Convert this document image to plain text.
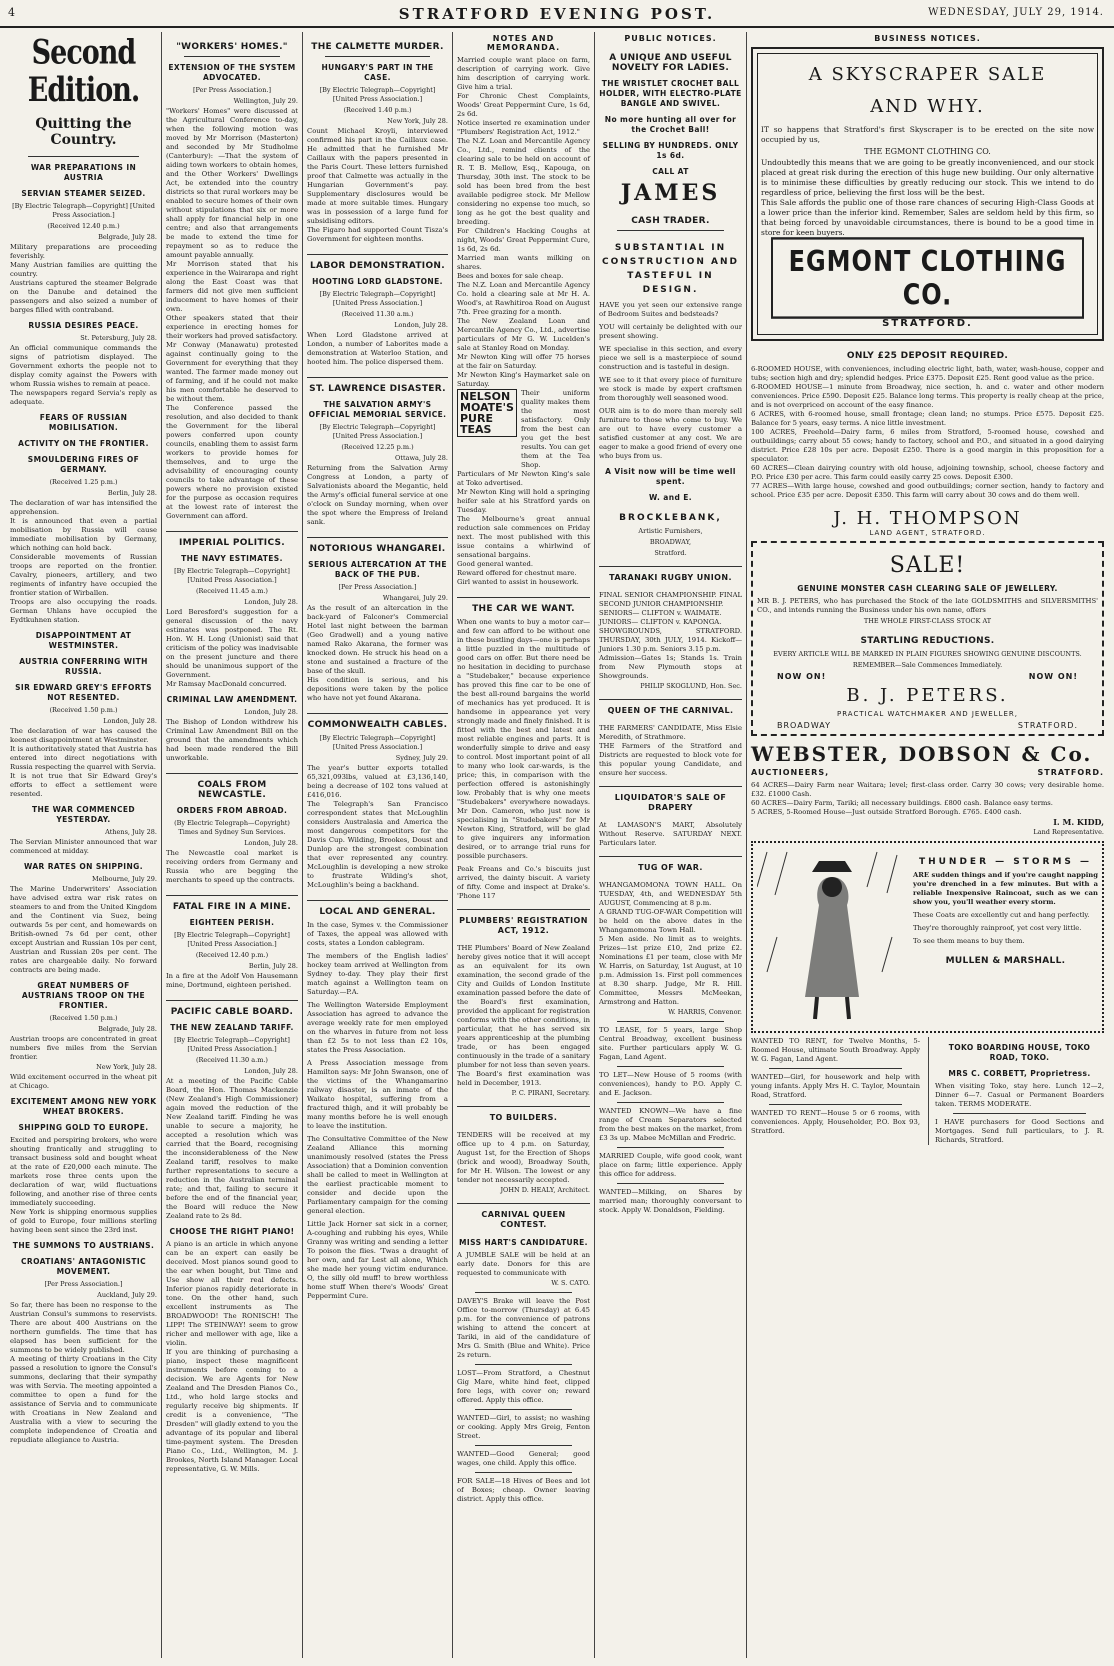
4	STRATFORD EVENING POST.	WEDNESDAY, JULY 29, 1914.
Second Edition.
Quitting the Country.
WAR PREPARATIONS IN AUSTRIA
SERVIAN STEAMER SEIZED.
[By Electric Telegraph—Copyright] [United Press Association.]
(Received 12.40 p.m.)
Belgrade, July 28.

Military preparations are proceeding feverishly.

Many Austrian families are quitting the country.

Austrians captured the steamer Belgrade on the Danube and detained the passengers and also seized a number of barges filled with contraband.

RUSSIA DESIRES PEACE.
St. Petersburg, July 28.

An official communique commands the signs of patriotism displayed. The Government exhorts the people not to display comity against the Powers with whom Russia wishes to remain at peace.

The newspapers regard Servia's reply as adequate.

FEARS OF RUSSIAN MOBILISATION.
ACTIVITY ON THE FRONTIER.
SMOULDERING FIRES OF GERMANY.
(Received 1.25 p.m.)
Berlin, July 28.

The declaration of war has intensified the apprehension.

It is announced that even a partial mobilisation by Russia will cause immediate mobilisation by Germany, which nothing can hold back.

Considerable movements of Russian troops are reported on the frontier. Cavalry, pioneers, artillery, and two regiments of infantry have occupied the frontier station of Wirballen.

Troops are also occupying the roads. German Uhlans have occupied the Eydtkuhnen station.

DISAPPOINTMENT AT WESTMINSTER.
AUSTRIA CONFERRING WITH RUSSIA.
SIR EDWARD GREY'S EFFORTS NOT RESENTED.
(Received 1.50 p.m.)
London, July 28.

The declaration of war has caused the keenest disappointment at Westminster.

It is authoritatively stated that Austria has entered into direct negotiations with Russia respecting the quarrel with Servia.

It is not true that Sir Edward Grey's efforts to effect a settlement were resented.

THE WAR COMMENCED YESTERDAY.
Athens, July 28.

The Servian Minister announced that war commenced at midday.

WAR RATES ON SHIPPING.
Melbourne, July 29.

The Marine Underwriters' Association have advised extra war risk rates on steamers to and from the United Kingdom and the Continent via Suez, being outwards 5s per cent, and homewards on British-owned 7s 6d per cent, other except Austrian and Russian 10s per cent, Austrian and Russian 20s per cent. The rates are chargeable daily. No forward contracts are being made.

GREAT NUMBERS OF AUSTRIANS TROOP ON THE FRONTIER.
(Received 1.50 p.m.)
Belgrade, July 28.

Austrian troops are concentrated in great numbers five miles from the Servian frontier.

New York, July 28.

Wild excitement occurred in the wheat pit at Chicago.

EXCITEMENT AMONG NEW YORK WHEAT BROKERS.
SHIPPING GOLD TO EUROPE.

Excited and perspiring brokers, who were shouting frantically and struggling to transact business sold and bought wheat at the rate of £20,000 each minute. The markets rose three cents upon the declaration of war, wild fluctuations following, and another rise of three cents immediately succeeding.

New York is shipping enormous supplies of gold to Europe, four millions sterling having been sent since the 23rd inst.

THE SUMMONS TO AUSTRIANS.
CROATIANS' ANTAGONISTIC MOVEMENT.
[Per Press Association.]
Auckland, July 29.

So far, there has been no response to the Austrian Consul's summons to reservists. There are about 400 Austrians on the northern gumfields. The time that has elapsed has been sufficient for the summons to be widely published.

A meeting of thirty Croatians in the City passed a resolution to ignore the Consul's summons, declaring that their sympathy was with Servia. The meeting appointed a committee to open a fund for the assistance of Servia and to communicate with Croatians in New Zealand and Australia with a view to securing the complete independence of Croatia and repudiate allegiance to Austria.

"WORKERS' HOMES."
EXTENSION OF THE SYSTEM ADVOCATED.
[Per Press Association.]
Wellington, July 29.

"Workers' Homes" were discussed at the Agricultural Conference to-day, when the following motion was moved by Mr Morrison (Masterton) and seconded by Mr Studholme (Canterbury): —That the system of aiding town workers to obtain homes, and the Other Workers' Dwellings Act, be extended into the country districts so that rural workers may be enabled to secure homes of their own without stipulations that six or more shall apply for financial help in one centre; and also that arrangements be made to extend the time for repayment so as to reduce the amount payable annually.

Mr Morrison stated that his experience in the Wairarapa and right along the East Coast was that farmers did not give men sufficient inducement to have homes of their own.

Other speakers stated that their experience in erecting homes for their workers had proved satisfactory.

Mr Conway (Manawatu) protested against continually going to the Government for everything that they wanted. The farmer made money out of farming, and if he could not make his men comfortable he deserved to be without them.

The Conference passed the resolution, and also decided to thank the Government for the liberal powers conferred upon county councils, enabling them to assist farm workers to provide homes for themselves, and to urge the advisability of encouraging county councils to take advantage of these powers where no provision existed for the purpose as occasion requires at the lowest rate of interest the Government can afford.

IMPERIAL POLITICS.
THE NAVY ESTIMATES.
[By Electric Telegraph—Copyright] [United Press Association.]
(Received 11.45 a.m.)
London, July 28.

Lord Beresford's suggestion for a general discussion of the navy estimates was postponed. The Rt. Hon. W. H. Long (Unionist) said that criticism of the policy was inadvisable on the present juncture and there should be unanimous support of the Government.

Mr Ramsay MacDonald concurred.

CRIMINAL LAW AMENDMENT.
London, July 28.

The Bishop of London withdrew his Criminal Law Amendment Bill on the ground that the amendments which had been made rendered the Bill unworkable.

COALS FROM NEWCASTLE.
ORDERS FROM ABROAD.
(By Electric Telegraph—Copyright) Times and Sydney Sun Services.
London, July 28.

The Newcastle coal market is receiving orders from Germany and Russia who are begging the merchants to speed up the contracts.

FATAL FIRE IN A MINE.
EIGHTEEN PERISH.
[By Electric Telegraph—Copyright] [United Press Association.]
(Received 12.40 p.m.)
Berlin, July 28.

In a fire at the Adolf Von Hausemann mine, Dortmund, eighteen perished.

PACIFIC CABLE BOARD.
THE NEW ZEALAND TARIFF.
[By Electric Telegraph—Copyright] [United Press Association.]
(Received 11.30 a.m.)
London, July 28.

At a meeting of the Pacific Cable Board, the Hon. Thomas Mackenzie (New Zealand's High Commissioner) again moved the reduction of the New Zealand tariff. Finding he was unable to secure a majority, he accepted a resolution which was carried that the Board, recognising the inconsiderableness of the New Zealand tariff, resolves to make further representations to secure a reduction in the Australian terminal rate; and that, failing to secure it before the end of the financial year, the Board will reduce the New Zealand rate to 2s 8d.

CHOOSE THE RIGHT PIANO!

A piano is an article in which anyone can be an expert can easily be deceived. Most pianos sound good to the ear when bought, but Time and Use show all their real defects. Inferior pianos rapidly deteriorate in tone. On the other hand, such excellent instruments as The BROADWOOD! The RONISCH! The LIPP! The STEINWAY! seem to grow richer and mellower with age, like a violin.

If you are thinking of purchasing a piano, inspect these magnificent instruments before coming to a decision. We are Agents for New Zealand and The Dresden Pianos Co., Ltd., who hold large stocks and regularly receive big shipments. If credit is a convenience, "The Dresden" will gladly extend to you the advantage of its popular and liberal time-payment system. The Dresden Piano Co., Ltd., Wellington, M. J. Brookes, North Island Manager. Local representative, G. W. Mills.

THE CALMETTE MURDER.
HUNGARY'S PART IN THE CASE.
[By Electric Telegraph—Copyright] [United Press Association.]
(Received 1.40 p.m.)
New York, July 28.

Count Michael Kroyli, interviewed confirmed his part in the Caillaux case. He admitted that he furnished Mr Caillaux with the papers presented in the Paris Court. These letters furnished proof that Calmette was actually in the Hungarian Government's pay. Supplementary disclosures would be made at more suitable times. Hungary was in possession of a large fund for subsidising editors.

The Figaro had supported Count Tisza's Government for eighteen months.

LABOR DEMONSTRATION.
HOOTING LORD GLADSTONE.
[By Electric Telegraph—Copyright] [United Press Association.]
(Received 11.30 a.m.)
London, July 28.

When Lord Gladstone arrived at London, a number of Laborites made a demonstration at Waterloo Station, and hooted him. The police dispersed them.

ST. LAWRENCE DISASTER.
THE SALVATION ARMY'S OFFICIAL MEMORIAL SERVICE.
[By Electric Telegraph—Copyright] [United Press Association.]
(Received 12.25 p.m.)
Ottawa, July 28.

Returning from the Salvation Army Congress at London, a party of Salvationists aboard the Megantic, held the Army's official funeral service at one o'clock on Sunday morning, when over the spot where the Empress of Ireland sank.

NOTORIOUS WHANGAREI.
SERIOUS ALTERCATION AT THE BACK OF THE PUB.
[Per Press Association.]
Whangarei, July 29.

As the result of an altercation in the back-yard of Falconer's Commercial Hotel last night between the barman (Geo Gradwell) and a young native named Rako Akarana, the former was knocked down. He struck his head on a stone and sustained a fracture of the base of the skull.

His condition is serious, and his depositions were taken by the police who have not yet found Akarana.

COMMONWEALTH CABLES.
[By Electric Telegraph—Copyright] [United Press Association.]
Sydney, July 29.

The year's butter exports totalled 65,321,093lbs, valued at £3,136,140, being a decrease of 102 tons valued at £416,016.

The Telegraph's San Francisco correspondent states that McLoughlin considers Australasia and America the most dangerous competitors for the Davis Cup. Wilding, Brookes, Doust and Dunlop are the strongest combination that ever represented any country. McLoughlin is developing a new stroke to frustrate Wilding's shot, McLoughlin's being a backhand.

LOCAL AND GENERAL.

In the case, Symes v. the Commissioner of Taxes, the appeal was allowed with costs, states a London cablegram.

The members of the English ladies' hockey team arrived at Wellington from Sydney to-day. They play their first match against a Wellington team on Saturday.—P.A.

The Wellington Waterside Employment Association has agreed to advance the average weekly rate for men employed on the wharves in future from not less than £2 5s to not less than £2 10s, states the Press Association.

A Press Association message from Hamilton says: Mr John Swanson, one of the victims of the Whangamarino railway disaster, is an inmate of the Waikato hospital, suffering from a fractured thigh, and it will probably be many months before he is well enough to leave the institution.

The Consultative Committee of the New Zealand Alliance this morning unanimously resolved (states the Press Association) that a Dominion convention shall be called to meet in Wellington at the earliest practicable moment to consider and decide upon the Parliamentary campaign for the coming general election.

Little Jack Horner sat sick in a corner, A-coughing and rubbing his eyes, While Granny was writing and sending a letter To poison the flies. 'Twas a draught of her own, and far Lest all alone, Which she made her young victim endurance. O, the silly old muff! to brew worthless home stuff When there's Woods' Great Peppermint Cure.

NOTES AND MEMORANDA.

Married couple want place on farm, description of carrying work. Give him description of carrying work. Give him a trial.

For Chronic Chest Complaints, Woods' Great Peppermint Cure, 1s 6d, 2s 6d.

Notice inserted re examination under "Plumbers' Registration Act, 1912."

The N.Z. Loan and Mercantile Agency Co., Ltd., remind clients of the clearing sale to be held on account of R. T. B. Mellow, Esq., Kapouga, on Thursday, 30th inst. The stock to be sold has been bred from the best available pedigree stock. Mr Mellow considering no expense too much, so long as he got the best quality and breeding.

For Children's Hacking Coughs at night, Woods' Great Peppermint Cure, 1s 6d, 2s 6d.

Married man wants milking on shares.

Bees and boxes for sale cheap.

The N.Z. Loan and Mercantile Agency Co. hold a clearing sale at Mr H. A. Wood's, at Rawhitiroa Road on August 7th. Free grazing for a month.

The New Zealand Loan and Mercantile Agency Co., Ltd., advertise particulars of Mr G. W. Lucelden's sale at Stanley Road on Monday.

Mr Newton King will offer 75 horses at the fair on Saturday.

Mr Newton King's Haymarket sale on Saturday.

NELSON MOATE'S PURE TEAS

Their uniform quality makes them the most satisfactory. Only from the best can you get the best results. You can get them at the Tea Shop.

Particulars of Mr Newton King's sale at Toko advertised.

Mr Newton King will hold a springing heifer sale at his Stratford yards on Tuesday.

The Melbourne's great annual reduction sale commences on Friday next. The most published with this issue contains a whirlwind of sensational bargains.

Good general wanted.

Reward offered for chestnut mare.

Girl wanted to assist in housework.

THE CAR WE WANT.

When one wants to buy a motor car—and few can afford to be without one in these bustling days—one is perhaps a little puzzled in the multitude of good cars on offer. But there need be no hesitation in deciding to purchase a "Studebaker," because experience has proved this fine car to be one of the best all-round bargains the world of mechanics has yet produced. It is handsome in appearance yet very strongly made and finely finished. It is fitted with the best and latest and most reliable engines and parts. It is wonderfully simple to drive and easy to control. Most important point of all to many who look car-wards, is the price; this, in comparison with the perfection offered is astonishingly low. Probably that is why one meets "Studebakers" everywhere nowadays. Mr Don. Cameron, who just now is specialising in "Studebakers" for Mr Newton King, Stratford, will be glad to give inquirers any information desired, or to arrange trial runs for possible purchasers.

Peak Freans and Co.'s biscuits just arrived, the dainty biscuit. A variety of fifty. Come and inspect at Drake's. 'Phone 117

PLUMBERS' REGISTRATION ACT, 1912.

THE Plumbers' Board of New Zealand hereby gives notice that it will accept as an equivalent for its own examination, the second grade of the City and Guilds of London Institute examination passed before the date of the Board's first examination, provided the applicant for registration conforms with the other conditions, in particular, that he has served six years apprenticeship at the plumbing trade, or has been engaged continuously in the trade of a sanitary plumber for not less than seven years. The Board's first examination was held in December, 1913.

P. C. PIRANI, Secretary.
TO BUILDERS.

TENDERS will be received at my office up to 4 p.m. on Saturday, August 1st, for the Erection of Shops (brick and wood), Broadway South, for Mr H. Wilson. The lowest or any tender not necessarily accepted.

JOHN D. HEALY, Architect.
CARNIVAL QUEEN CONTEST.
MISS HART'S CANDIDATURE.

A JUMBLE SALE will be held at an early date. Donors for this are requested to communicate with

W. S. CATO.

DAVEY'S Brake will leave the Post Office to-morrow (Thursday) at 6.45 p.m. for the convenience of patrons wishing to attend the concert at Tariki, in aid of the candidature of Mrs G. Smith (Blue and White). Price 2s return.

LOST—From Stratford, a Chestnut Gig Mare, white hind feet, clipped fore legs, with cover on; reward offered. Apply this office.

WANTED—Girl, to assist; no washing or cooking. Apply Mrs Greig, Fenton Street.

WANTED—Good General; good wages, one child. Apply this office.

FOR SALE—18 Hives of Bees and lot of Boxes; cheap. Owner leaving district. Apply this office.

PUBLIC NOTICES.
A UNIQUE AND USEFUL NOVELTY FOR LADIES.
THE WRISTLET CROCHET BALL HOLDER, WITH ELECTRO-PLATE BANGLE AND SWIVEL.
No more hunting all over for the Crochet Ball!
SELLING BY HUNDREDS. ONLY 1s 6d.
CALL AT
JAMES
CASH TRADER.
SUBSTANTIAL IN CONSTRUCTION AND TASTEFUL IN DESIGN.

HAVE you yet seen our extensive range of Bedroom Suites and bedsteads?

YOU will certainly be delighted with our present showing.

WE specialise in this section, and every piece we sell is a masterpiece of sound construction and is tasteful in design.

WE see to it that every piece of furniture we stock is made by expert craftsmen from thoroughly well seasoned wood.

OUR aim is to do more than merely sell furniture to those who come to buy. We are out to have every customer a satisfied customer at any cost. We are eager to make a good friend of every one who buys from us.

A Visit now will be time well spent.
W. and E.
BROCKLEBANK,
Artistic Furnishers,
BROADWAY,
Stratford.
TARANAKI RUGBY UNION.

FINAL SENIOR CHAMPIONSHIP. FINAL SECOND JUNIOR CHAMPIONSHIP.

SENIORS— CLIFTON v. WAIMATE.

JUNIORS— CLIFTON v. KAPONGA.

SHOWGROUNDS, STRATFORD. THURSDAY, 30th JULY, 1914. Kickoff—Juniors 1.30 p.m. Seniors 3.15 p.m.

Admission—Gates 1s; Stands 1s. Train from New Plymouth stops at Showgrounds.

PHILIP SKOGLUND, Hon. Sec.
QUEEN OF THE CARNIVAL.

THE FARMERS' CANDIDATE, Miss Elsie Meredith, of Strathmore.

THE Farmers of the Stratford and Districts are requested to block vote for this popular young Candidate, and ensure her success.

LIQUIDATOR'S SALE OF DRAPERY

At LAMASON'S MART, Absolutely Without Reserve. SATURDAY NEXT. Particulars later.

TUG OF WAR.

WHANGAMOMONA TOWN HALL. On TUESDAY, 4th, and WEDNESDAY 5th AUGUST, Commencing at 8 p.m.

A GRAND TUG-OF-WAR Competition will be held on the above dates in the Whangamomona Town Hall.

5 Men aside. No limit as to weights. Prizes—1st prize £10, 2nd prize £2. Nominations £1 per team, close with Mr W. Harris, on Saturday, 1st August, at 10 p.m. Admission 1s. First poll commences at 8.30 sharp. Judge, Mr R. Hill. Committee, Messrs McMeekan, Armstrong and Hatton.

W. HARRIS, Convenor.

TO LEASE, for 5 years, large Shop Central Broadway, excellent business site. Further particulars apply W. G. Fagan, Land Agent.

TO LET—New House of 5 rooms (with conveniences), handy to P.O. Apply C. and E. Jackson.

WANTED KNOWN—We have a fine range of Cream Separators selected from the best makes on the market, from £3 3s up. Mabee McMillan and Fredric.

MARRIED Couple, wife good cook, want place on farm; little experience. Apply this office for address.

WANTED—Milking, on Shares by married man; thoroughly conversant to stock. Apply W. Donaldson, Fielding.

BUSINESS NOTICES.
A SKYSCRAPER SALE
AND WHY.

IT so happens that Stratford's first Skyscraper is to be erected on the site now occupied by us,

THE EGMONT CLOTHING CO.

Undoubtedly this means that we are going to be greatly inconvenienced, and our stock placed at great risk during the erection of this huge new building. Our only alternative is to minimise these difficulties by greatly reducing our stock. This we intend to do regardless of price, believing the first loss will be the best.

This Sale affords the public one of those rare chances of securing High-Class Goods at a lower price than the inferior kind. Remember, Sales are seldom held by this firm, so that being forced by unavoidable circumstances, there is bound to be a good time in store for keen buyers.

EGMONT CLOTHING CO.
STRATFORD.
ONLY £25 DEPOSIT REQUIRED.

6-ROOMED HOUSE, with conveniences, including electric light, bath, water, wash-house, copper and tubs; section high and dry; splendid hedges. Price £375. Deposit £25. Rent good value as the price.

6-ROOMED HOUSE—1 minute from Broadway, nice section, h. and c. water and other modern conveniences. Price £590. Deposit £25. Balance long terms. This property is really cheap at the price, and is not overpriced on account of the easy finance.

6 ACRES, with 6-roomed house, small frontage; clean land; no stumps. Price £575. Deposit £25. Balance for 5 years, easy terms. A nice little investment.

100 ACRES, Freehold—Dairy farm, 6 miles from Stratford, 5-roomed house, cowshed and outbuildings; carry about 55 cows; handy to factory, school and P.O., and situated in a good dairying district. Price £28 10s per acre. Deposit £250. There is a good margin in this proposition for a speculator.

60 ACRES—Clean dairying country with old house, adjoining township, school, cheese factory and P.O. Price £30 per acre. This farm could easily carry 25 cows. Deposit £300.

77 ACRES—With large house, cowshed and good outbuildings; corner section, handy to factory and school. Price £35 per acre. Deposit £350. This farm will carry about 30 cows and do them well.

J. H. THOMPSON
LAND AGENT, STRATFORD.
SALE!
GENUINE MONSTER CASH CLEARING SALE OF JEWELLERY.

MR B. J. PETERS, who has purchased the Stock of the late GOLDSMITHS and SILVERSMITHS' CO., and intends running the Business under his own name, offers

THE WHOLE FIRST-CLASS STOCK AT
STARTLING REDUCTIONS.
EVERY ARTICLE WILL BE MARKED IN PLAIN FIGURES SHOWING GENUINE DISCOUNTS.
REMEMBER—Sale Commences Immediately.
NOW ON!	NOW ON!
B. J. PETERS.
PRACTICAL WATCHMAKER AND JEWELLER,
BROADWAY	STRATFORD.
WEBSTER, DOBSON & Co.
AUCTIONEERS,	STRATFORD.

64 ACRES—Dairy Farm near Waitara; level; first-class order. Carry 30 cows; very desirable home. £32. £1000 Cash.

60 ACRES—Dairy Farm, Tariki; all necessary buildings. £800 cash. Balance easy terms.

5 ACRES, 5-Roomed House—Just outside Stratford Borough. £765. £400 cash.

I. M. KIDD,
Land Representative.
THUNDER — STORMS —

ARE sudden things and if you're caught napping you're drenched in a few minutes. But with a reliable Inexpensive Raincoat, such as we can show you, you'll weather every storm.

These Coats are excellently cut and hang perfectly.

They're thoroughly rainproof, yet cost very little.

To see them means to buy them.

MULLEN & MARSHALL.

WANTED TO RENT, for Twelve Months, 5-Roomed House, ultimate South Broadway. Apply W. G. Fagan, Land Agent.

WANTED—Girl, for housework and help with young infants. Apply Mrs H. C. Taylor, Mountain Road, Stratford.

WANTED TO RENT—House 5 or 6 rooms, with conveniences. Apply, Householder, P.O. Box 93, Stratford.

TOKO BOARDING HOUSE, TOKO ROAD, TOKO.
MRS C. CORBETT, Proprietress.

When visiting Toko, stay here. Lunch 12—2, Dinner 6—7. Casual or Permanent Boarders taken. TERMS MODERATE.

I HAVE purchasers for Good Sections and Mortgages. Send full particulars, to J. R. Richards, Stratford.
